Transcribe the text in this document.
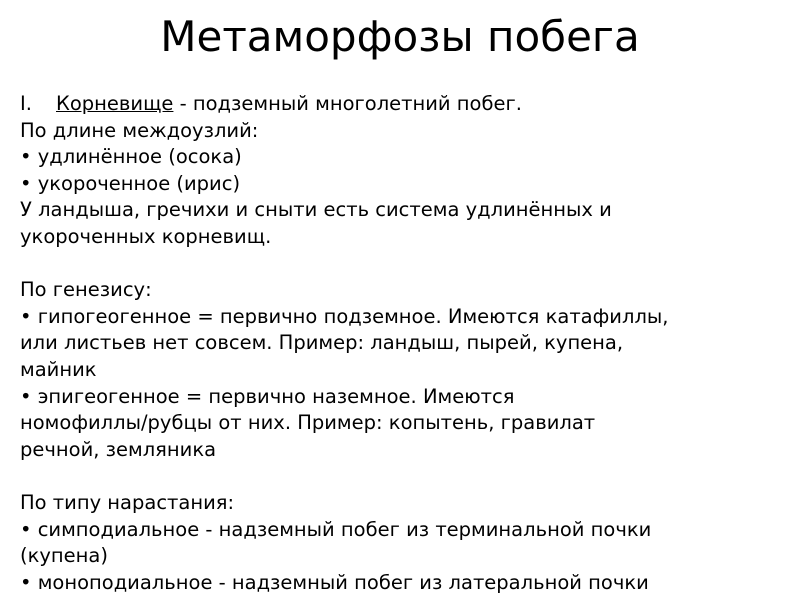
Метаморфозы побега
I. Корневище - подземный многолетний побег.
По длине междоузлий:
• удлинённое (осока)
• укороченное (ирис)
У ландыша, гречихи и сныти есть система удлинённых и
укороченных корневищ.
По генезису:
• гипогеогенное = первично подземное. Имеются катафиллы,
или листьев нет совсем. Пример: ландыш, пырей, купена,
майник
• эпигеогенное = первично наземное. Имеются
номофиллы/рубцы от них. Пример: копытень, гравилат
речной, земляника
По типу нарастания:
• симподиальное - надземный побег из терминальной почки
(купена)
• моноподиальное - надземный побег из латеральной почки
